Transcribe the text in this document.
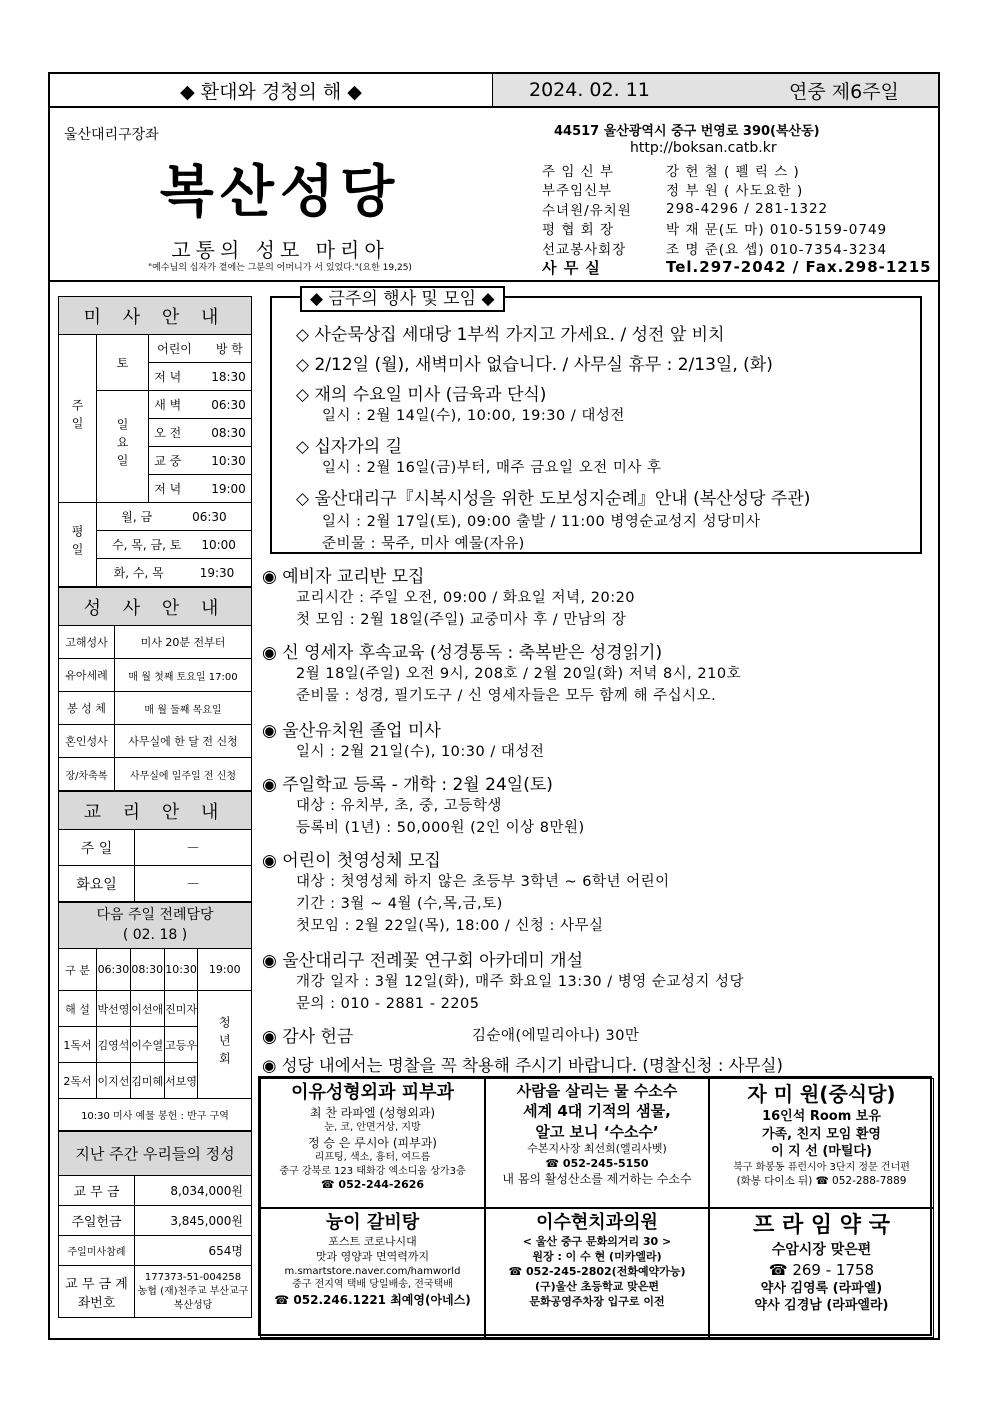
◆ 환대와 경청의 해 ◆	2024. 02. 11	연중 제6주일
울산대리구장좌
복산성당
고통의 성모 마리아
"예수님의 십자가 곁에는 그분의 어머니가 서 있었다."(요한 19,25)
44517 울산광역시 중구 번영로 390(복산동)
http://boksan.catb.kr
주 임 신 부	강 헌 철 ( 펠 릭 스 )
부주임신부	정 부 원 ( 사도요한 )
수녀원/유치원	298-4296 / 281-1322
평 협 회 장	박 재 문(도 마) 010-5159-0749
선교봉사회장	조 명 준(요 셉) 010-7354-3234
사 무 실	Tel.297-2042 / Fax.298-1215
미 사 안 내		
주일	토	어린이 방 학
		저 녁 18:30
	일요일	새 벽 06:30
		오 전 08:30
		교 중 10:30
		저 녁 19:00
평일	월, 금 06:30	
	수, 목, 금, 토 10:00	
	화, 수, 목 19:30	
성 사 안 내	
고해성사	미사 20분 전부터
유아세례	매 월 첫째 토요일 17:00
봉 성 체	매 월 둘째 목요일
혼인성사	사무실에 한 달 전 신청
장/차축복	사무실에 일주일 전 신청
교 리 안 내	
주 일	－
화요일	－
다음 주일 전례담당
( 02. 18 )				

구 분	06:30	08:30	10:30	19:00
해 설	박선영	이선애	진미자	청년회
1독서	김영석	이수열	고등우	
2독서	이지선	김미혜	서보영	
10:30 미사 예물 봉헌 : 반구 구역				
지난 주간 우리들의 정성	
교 무 금	8,034,000원
주일헌금	3,845,000원
주일미사참례	654명
교 무 금 계좌번호	177373-51-004258
농협 (재)천주교 부산교구 복산성당
◆ 금주의 행사 및 모임 ◆
◇ 사순묵상집 세대당 1부씩 가지고 가세요. / 성전 앞 비치
◇ 2/12일 (월), 새벽미사 없습니다. / 사무실 휴무 : 2/13일, (화)
◇ 재의 수요일 미사 (금육과 단식)
일시 : 2월 14일(수), 10:00, 19:30 / 대성전
◇ 십자가의 길
일시 : 2월 16일(금)부터, 매주 금요일 오전 미사 후
◇ 울산대리구『시복시성을 위한 도보성지순례』안내 (복산성당 주관)
일시 : 2월 17일(토), 09:00 출발 / 11:00 병영순교성지 성당미사
준비물 : 묵주, 미사 예물(자유)
◉ 예비자 교리반 모집
교리시간 : 주일 오전, 09:00 / 화요일 저녁, 20:20
첫 모임 : 2월 18일(주일) 교중미사 후 / 만남의 장
◉ 신 영세자 후속교육 (성경통독 : 축복받은 성경읽기)
2월 18일(주일) 오전 9시, 208호 / 2월 20일(화) 저녁 8시, 210호
준비물 : 성경, 필기도구 / 신 영세자들은 모두 함께 해 주십시오.
◉ 울산유치원 졸업 미사
일시 : 2월 21일(수), 10:30 / 대성전
◉ 주일학교 등록 - 개학 : 2월 24일(토)
대상 : 유치부, 초, 중, 고등학생
등록비 (1년) : 50,000원 (2인 이상 8만원)
◉ 어린이 첫영성체 모집
대상 : 첫영성체 하지 않은 초등부 3학년 ~ 6학년 어린이
기간 : 3월 ~ 4월 (수,목,금,토)
첫모임 : 2월 22일(목), 18:00 / 신청 : 사무실
◉ 울산대리구 전례꽃 연구회 아카데미 개설
개강 일자 : 3월 12일(화), 매주 화요일 13:30 / 병영 순교성지 성당
문의 : 010 - 2881 - 2205
◉ 감사 헌금	김순애(에밀리아나) 30만
◉ 성당 내에서는 명찰을 꼭 착용해 주시기 바랍니다. (명찰신청 : 사무실)
이유성형외과 피부과
최 찬 라파엘 (성형외과)
눈, 코, 안면거상, 지방
정 승 은 루시아 (피부과)
리프팅, 색소, 흉터, 여드름
중구 강북로 123 태화강 엑소디움 상가3층
☎ 052-244-2626
사람을 살리는 물 수소수
세계 4대 기적의 샘물,
알고 보니 ‘수소수’
수본지사장 최선희(엘리사벳)
☎ 052-245-5150
내 몸의 활성산소를 제거하는 수소수
자 미 원(중식당)
16인석 Room 보유
가족, 친지 모임 환영
이 지 선 (마틸다)
북구 화봉동 퓨런시아 3단지 정문 건너편
(화봉 다이소 뒤) ☎ 052-288-7889
늉이 갈비탕
포스트 코로나시대
맛과 영양과 면역력까지
m.smartstore.naver.com/hamworld
중구 전지역 택배 당일배송, 전국택배
☎ 052.246.1221 최예영(아네스)
이수현치과의원
< 울산 중구 문화의거리 30 >
원장 : 이 수 현 (미카엘라)
☎ 052-245-2802(전화예약가능)
(구)울산 초등학교 맞은편
문화공영주차장 입구로 이전
프 라 임 약 국
수암시장 맞은편
☎ 269 - 1758
약사 김영록 (라파엘)
약사 김경남 (라파엘라)
